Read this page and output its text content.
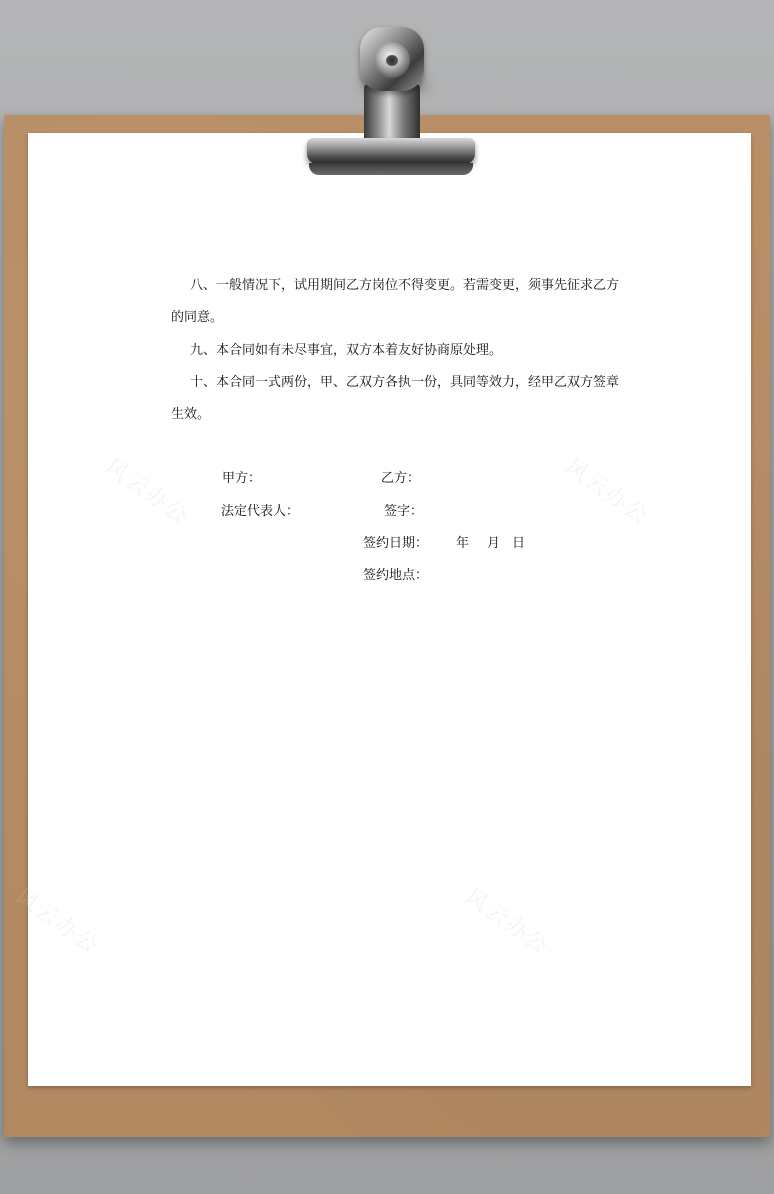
八、一般情况下，试用期间乙方岗位不得变更。若需变更，须事先征求乙方
的同意。
九、本合同如有未尽事宜，双方本着友好协商原处理。
十、本合同一式两份，甲、乙双方各执一份，具同等效力，经甲乙双方签章
生效。
甲方：	乙方：
法定代表人：	签字：
签约日期： 年 月 日
签约地点：
风云办公	风云办公
风云办公
风云办公
